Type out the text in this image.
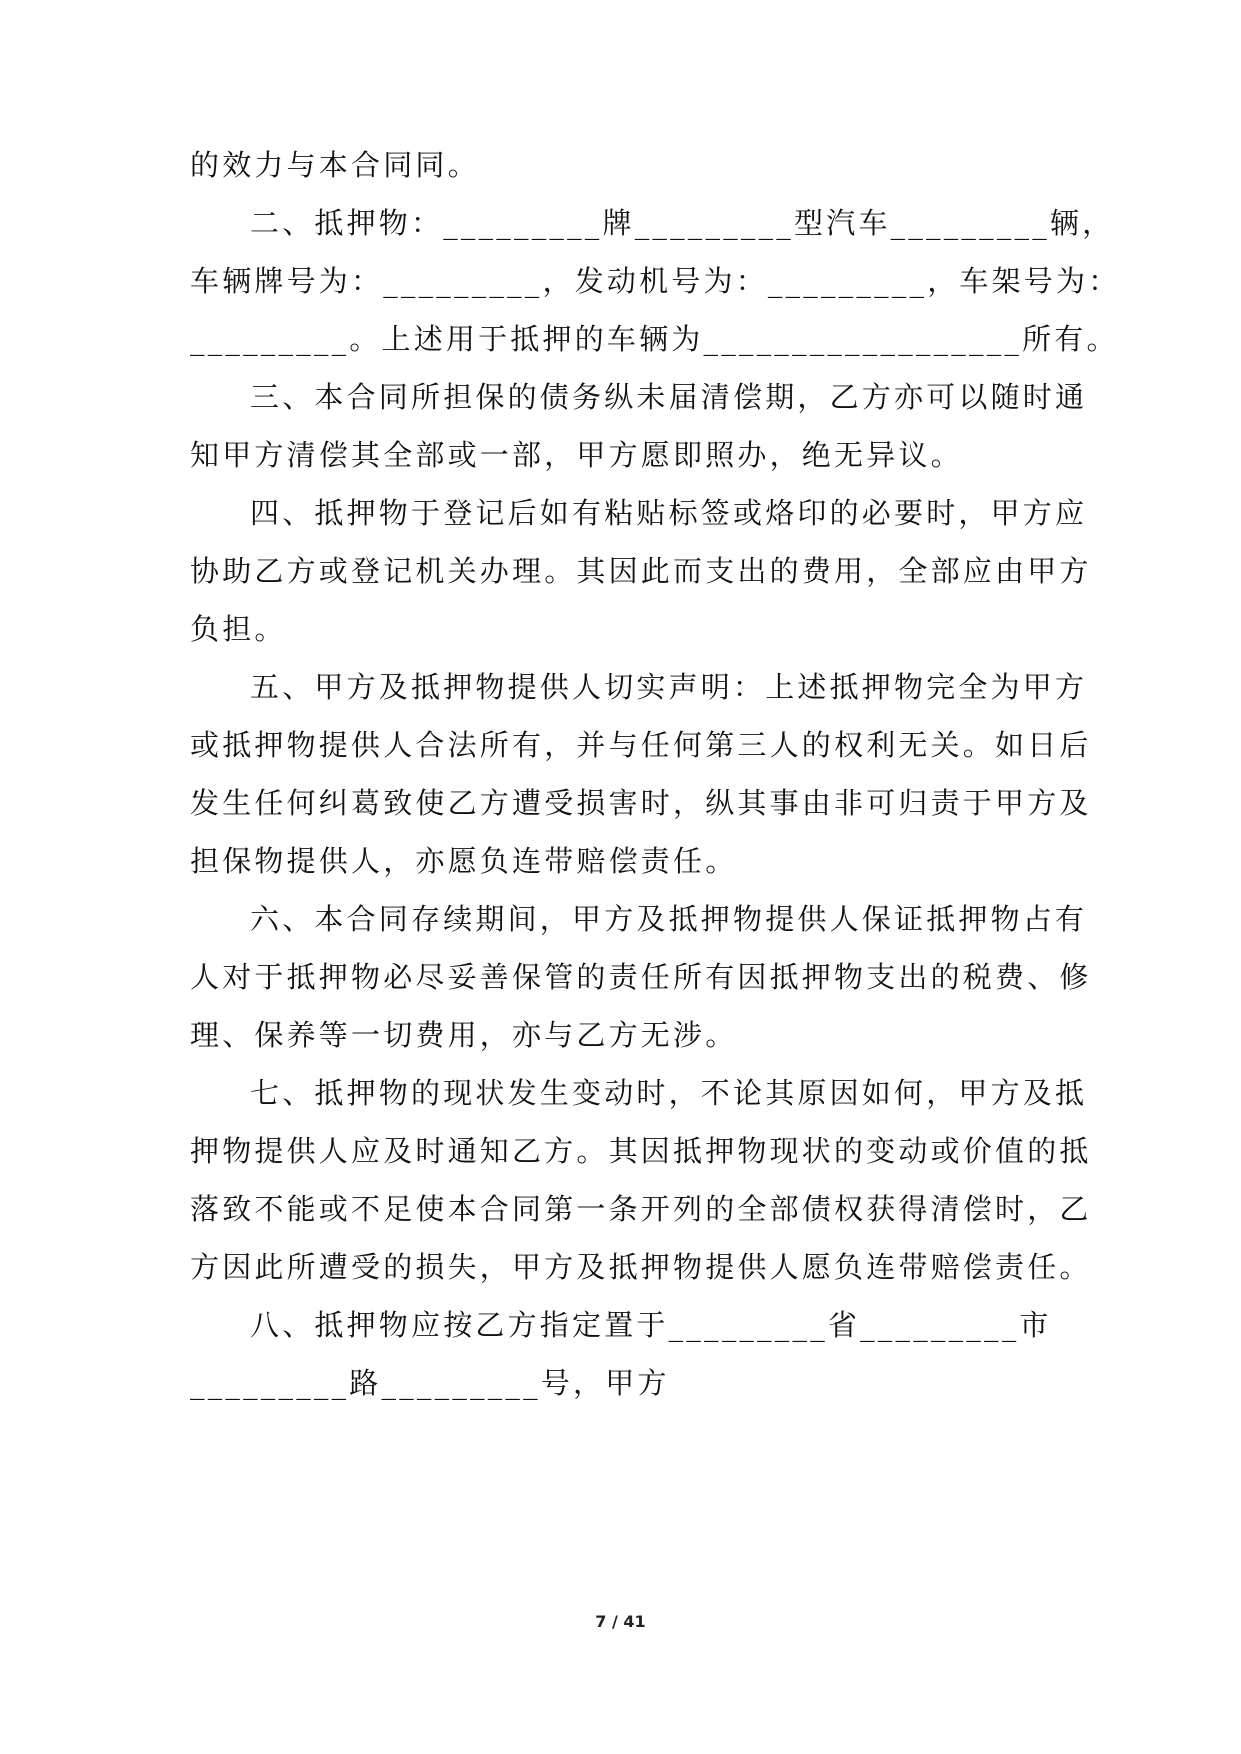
的效力与本合同同。
二、抵押物：_________牌_________型汽车_________辆，
车辆牌号为：_________，发动机号为：_________，车架号为：
_________。上述用于抵押的车辆为__________________所有。
三、本合同所担保的债务纵未届清偿期，乙方亦可以随时通
知甲方清偿其全部或一部，甲方愿即照办，绝无异议。
四、抵押物于登记后如有粘贴标签或烙印的必要时，甲方应
协助乙方或登记机关办理。其因此而支出的费用，全部应由甲方
负担。
五、甲方及抵押物提供人切实声明：上述抵押物完全为甲方
或抵押物提供人合法所有，并与任何第三人的权利无关。如日后
发生任何纠葛致使乙方遭受损害时，纵其事由非可归责于甲方及
担保物提供人，亦愿负连带赔偿责任。
六、本合同存续期间，甲方及抵押物提供人保证抵押物占有
人对于抵押物必尽妥善保管的责任所有因抵押物支出的税费、修
理、保养等一切费用，亦与乙方无涉。
七、抵押物的现状发生变动时，不论其原因如何，甲方及抵
押物提供人应及时通知乙方。其因抵押物现状的变动或价值的抵
落致不能或不足使本合同第一条开列的全部债权获得清偿时，乙
方因此所遭受的损失，甲方及抵押物提供人愿负连带赔偿责任。
八、抵押物应按乙方指定置于_________省_________市
_________路_________号，甲方
7 / 41
